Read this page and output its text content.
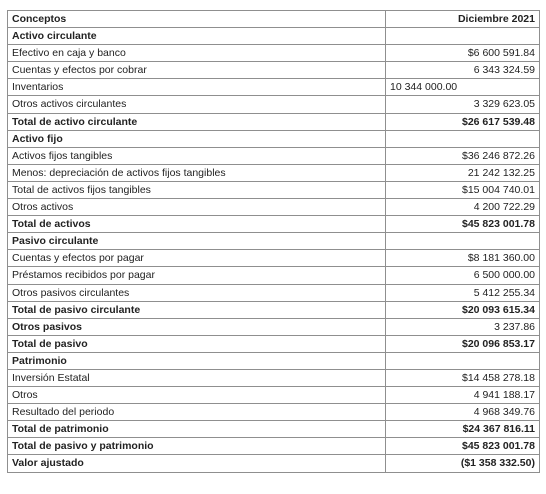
Conceptos	Diciembre 2021
Activo circulante	
Efectivo en caja y banco	$6 600 591.84
Cuentas y efectos por cobrar	6 343 324.59
Inventarios	10 344 000.00
Otros activos circulantes	3 329 623.05
Total de activo circulante	$26 617 539.48
Activo fijo	
Activos fijos tangibles	$36 246 872.26
Menos: depreciación de activos fijos tangibles	21 242 132.25
Total de activos fijos tangibles	$15 004 740.01
Otros activos	4 200 722.29
Total de activos	$45 823 001.78
Pasivo circulante	
Cuentas y efectos por pagar	$8 181 360.00
Préstamos recibidos por pagar	6 500 000.00
Otros pasivos circulantes	5 412 255.34
Total de pasivo circulante	$20 093 615.34
Otros pasivos	3 237.86
Total de pasivo	$20 096 853.17
Patrimonio	
Inversión Estatal	$14 458 278.18
Otros	4 941 188.17
Resultado del periodo	4 968 349.76
Total de patrimonio	$24 367 816.11
Total de pasivo y patrimonio	$45 823 001.78
Valor ajustado	($1 358 332.50)
